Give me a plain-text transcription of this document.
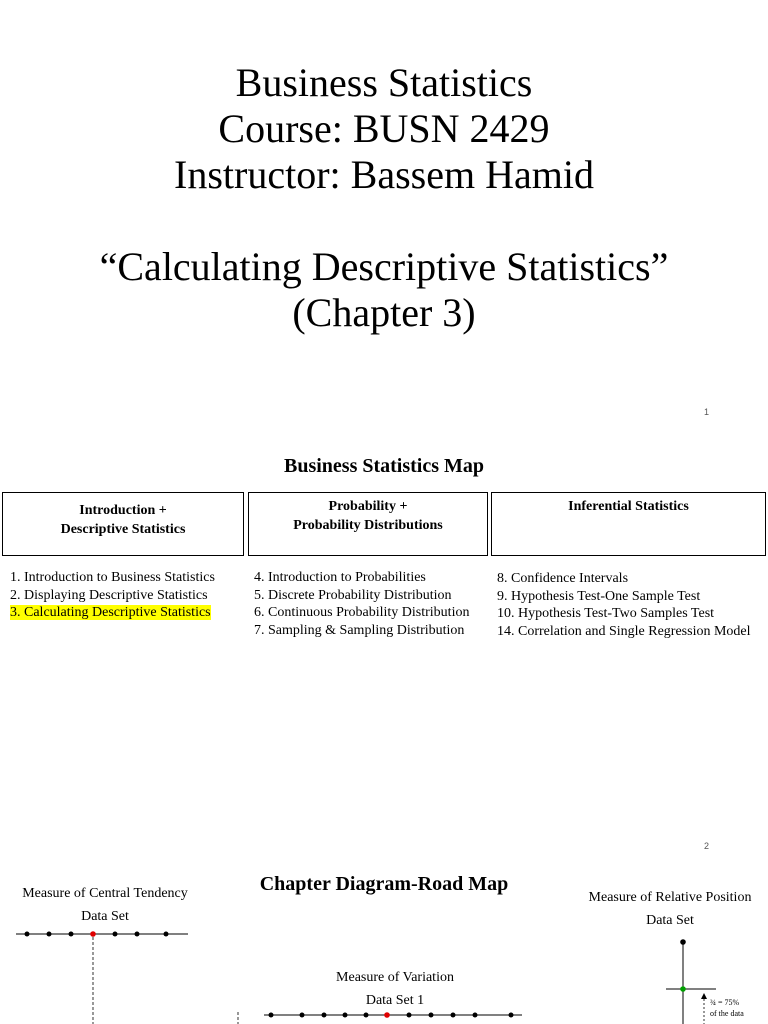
Business Statistics
Course: BUSN 2429
Instructor: Bassem Hamid
“Calculating Descriptive Statistics”
(Chapter 3)
1
Business Statistics Map
Introduction +
Descriptive Statistics
Probability +
Probability Distributions
Inferential Statistics
1. Introduction to Business Statistics
2. Displaying Descriptive Statistics
3. Calculating Descriptive Statistics
4. Introduction to Probabilities
5. Discrete Probability Distribution
6. Continuous Probability Distribution
7. Sampling & Sampling Distribution
8. Confidence Intervals
9. Hypothesis Test-One Sample Test
10. Hypothesis Test-Two Samples Test
14. Correlation and Single Regression Model
2
Chapter Diagram-Road Map
Measure of Central Tendency
Data Set
Measure of Variation
Data Set 1
Measure of Relative Position
Data Set
¾ = 75%
of the data
